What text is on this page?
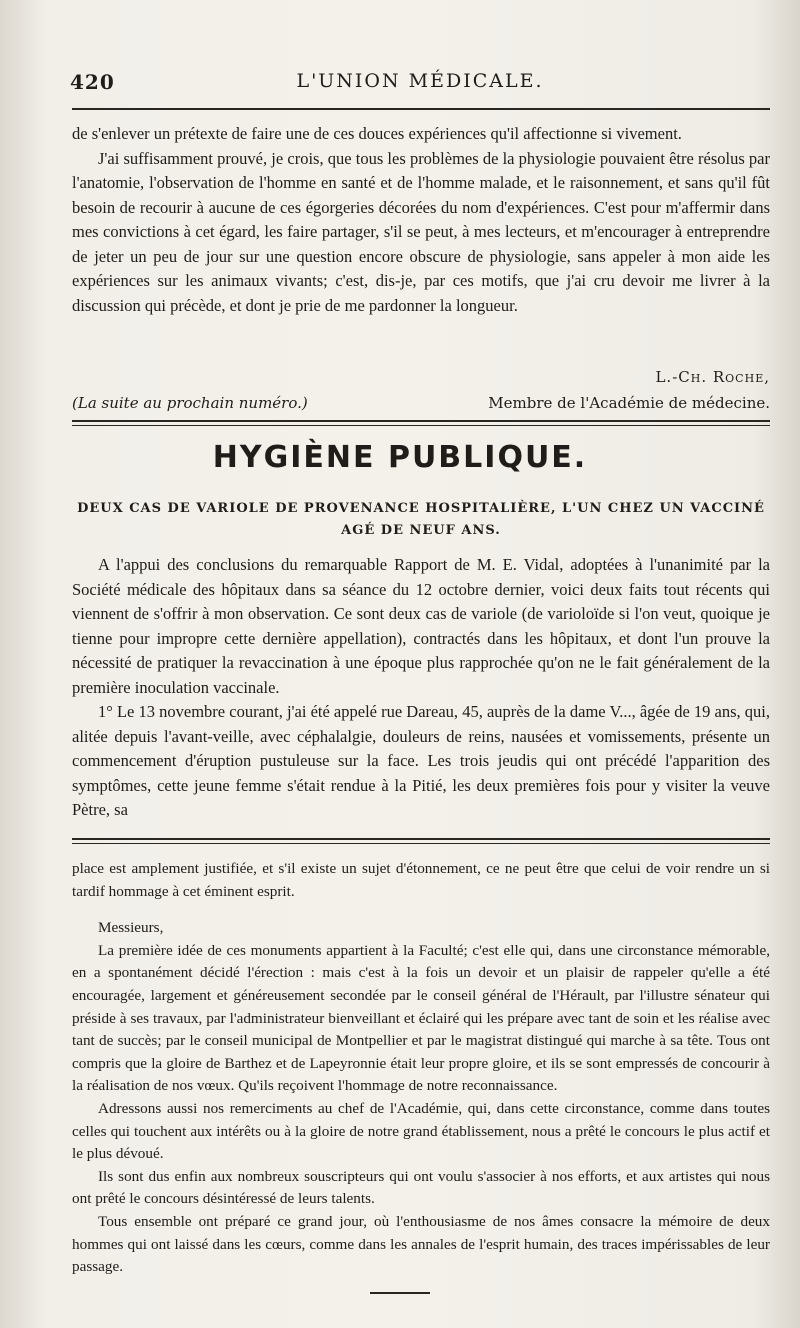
420	L'UNION MÉDICALE.

de s'enlever un prétexte de faire une de ces douces expériences qu'il affectionne si vivement.

J'ai suffisamment prouvé, je crois, que tous les problèmes de la physiologie pouvaient être résolus par l'anatomie, l'observation de l'homme en santé et de l'homme malade, et le raisonnement, et sans qu'il fût besoin de recourir à aucune de ces égorgeries décorées du nom d'expériences. C'est pour m'affermir dans mes convictions à cet égard, les faire partager, s'il se peut, à mes lecteurs, et m'encourager à entreprendre de jeter un peu de jour sur une question encore obscure de physiologie, sans appeler à mon aide les expériences sur les animaux vivants; c'est, dis-je, par ces motifs, que j'ai cru devoir me livrer à la discussion qui précède, et dont je prie de me pardonner la longueur.

L.-Ch. Roche,
(La suite au prochain numéro.)	Membre de l'Académie de médecine.
HYGIÈNE PUBLIQUE.
DEUX CAS DE VARIOLE DE PROVENANCE HOSPITALIÈRE, L'UN CHEZ UN VACCINÉ AGÉ DE NEUF ANS.

A l'appui des conclusions du remarquable Rapport de M. E. Vidal, adoptées à l'unanimité par la Société médicale des hôpitaux dans sa séance du 12 octobre dernier, voici deux faits tout récents qui viennent de s'offrir à mon observation. Ce sont deux cas de variole (de varioloïde si l'on veut, quoique je tienne pour impropre cette dernière appellation), contractés dans les hôpitaux, et dont l'un prouve la nécessité de pratiquer la revaccination à une époque plus rapprochée qu'on ne le fait généralement de la première inoculation vaccinale.

1° Le 13 novembre courant, j'ai été appelé rue Dareau, 45, auprès de la dame V..., âgée de 19 ans, qui, alitée depuis l'avant-veille, avec céphalalgie, douleurs de reins, nausées et vomissements, présente un commencement d'éruption pustuleuse sur la face. Les trois jeudis qui ont précédé l'apparition des symptômes, cette jeune femme s'était rendue à la Pitié, les deux premières fois pour y visiter la veuve Pètre, sa

place est amplement justifiée, et s'il existe un sujet d'étonnement, ce ne peut être que celui de voir rendre un si tardif hommage à cet éminent esprit.

Messieurs,

La première idée de ces monuments appartient à la Faculté; c'est elle qui, dans une circonstance mémorable, en a spontanément décidé l'érection : mais c'est à la fois un devoir et un plaisir de rappeler qu'elle a été encouragée, largement et généreusement secondée par le conseil général de l'Hérault, par l'illustre sénateur qui préside à ses travaux, par l'administrateur bienveillant et éclairé qui les prépare avec tant de soin et les réalise avec tant de succès; par le conseil municipal de Montpellier et par le magistrat distingué qui marche à sa tête. Tous ont compris que la gloire de Barthez et de Lapeyronnie était leur propre gloire, et ils se sont empressés de concourir à la réalisation de nos vœux. Qu'ils reçoivent l'hommage de notre reconnaissance.

Adressons aussi nos remerciments au chef de l'Académie, qui, dans cette circonstance, comme dans toutes celles qui touchent aux intérêts ou à la gloire de notre grand établissement, nous a prêté le concours le plus actif et le plus dévoué.

Ils sont dus enfin aux nombreux souscripteurs qui ont voulu s'associer à nos efforts, et aux artistes qui nous ont prêté le concours désintéressé de leurs talents.

Tous ensemble ont préparé ce grand jour, où l'enthousiasme de nos âmes consacre la mémoire de deux hommes qui ont laissé dans les cœurs, comme dans les annales de l'esprit humain, des traces impérissables de leur passage.
